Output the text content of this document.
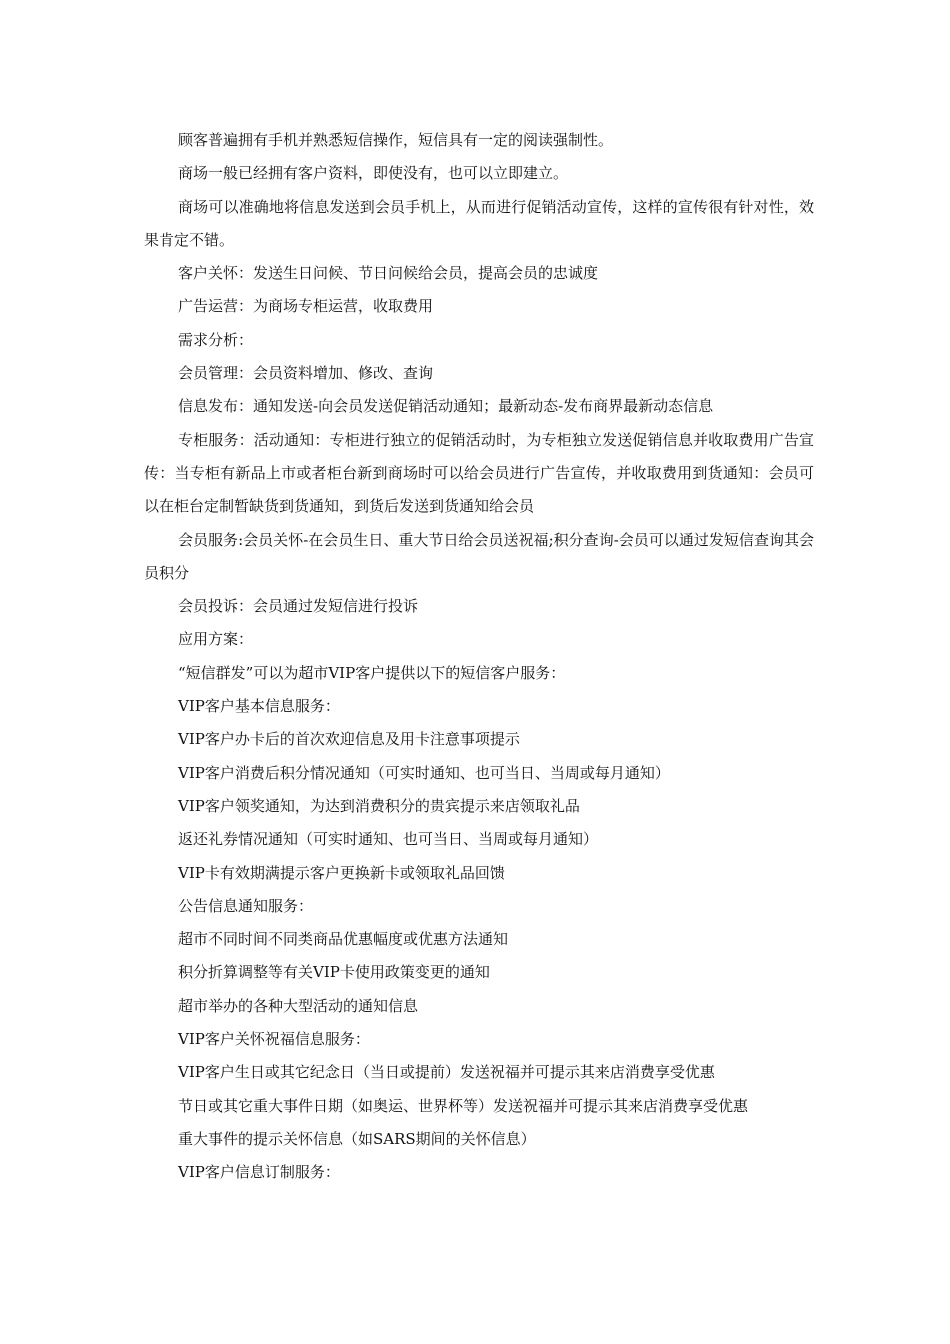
顾客普遍拥有手机并熟悉短信操作，短信具有一定的阅读强制性。

商场一般已经拥有客户资料，即使没有，也可以立即建立。

商场可以准确地将信息发送到会员手机上，从而进行促销活动宣传，这样的宣传很有针对性，效果肯定不错。

客户关怀：发送生日问候、节日问候给会员，提高会员的忠诚度

广告运营：为商场专柜运营，收取费用

需求分析：

会员管理：会员资料增加、修改、查询

信息发布：通知发送-向会员发送促销活动通知；最新动态-发布商界最新动态信息

专柜服务：活动通知：专柜进行独立的促销活动时，为专柜独立发送促销信息并收取费用广告宣传：当专柜有新品上市或者柜台新到商场时可以给会员进行广告宣传，并收取费用到货通知：会员可以在柜台定制暂缺货到货通知，到货后发送到货通知给会员

会员服务:会员关怀-在会员生日、重大节日给会员送祝福;积分查询-会员可以通过发短信查询其会员积分

会员投诉：会员通过发短信进行投诉

应用方案：

“短信群发”可以为超市VIP客户提供以下的短信客户服务：

VIP客户基本信息服务：

VIP客户办卡后的首次欢迎信息及用卡注意事项提示

VIP客户消费后积分情况通知（可实时通知、也可当日、当周或每月通知）

VIP客户领奖通知，为达到消费积分的贵宾提示来店领取礼品

返还礼券情况通知（可实时通知、也可当日、当周或每月通知）

VIP卡有效期满提示客户更换新卡或领取礼品回馈

公告信息通知服务：

超市不同时间不同类商品优惠幅度或优惠方法通知

积分折算调整等有关VIP卡使用政策变更的通知

超市举办的各种大型活动的通知信息

VIP客户关怀祝福信息服务：

VIP客户生日或其它纪念日（当日或提前）发送祝福并可提示其来店消费享受优惠

节日或其它重大事件日期（如奥运、世界杯等）发送祝福并可提示其来店消费享受优惠

重大事件的提示关怀信息（如SARS期间的关怀信息）

VIP客户信息订制服务：
